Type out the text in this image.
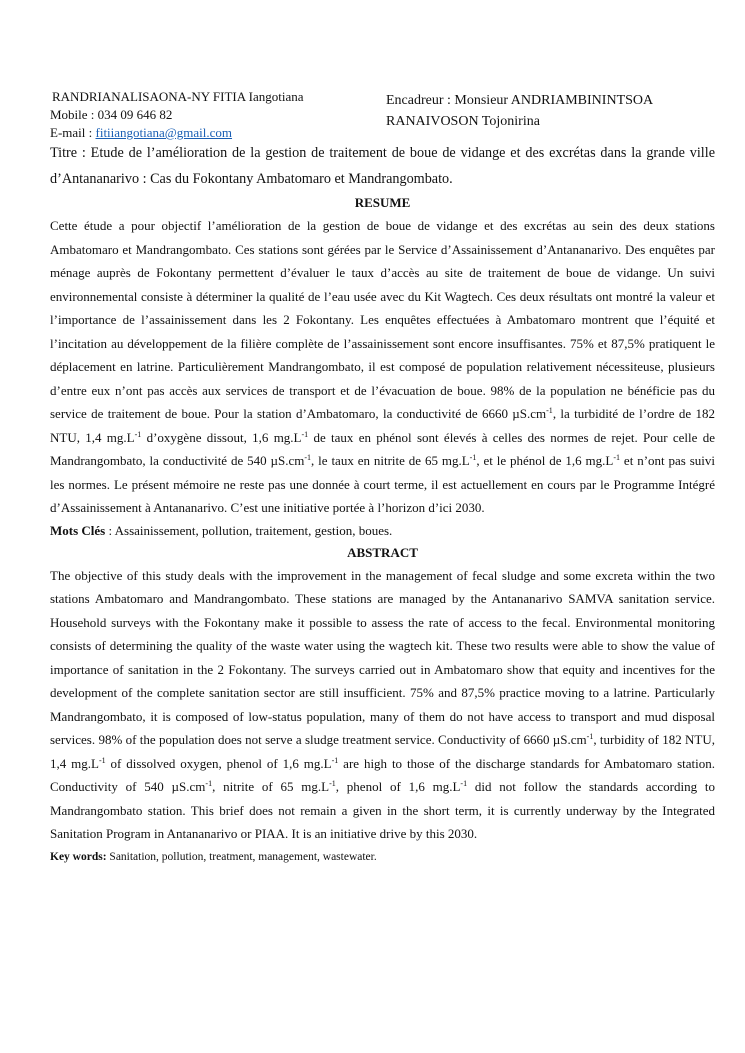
RANDRIANALISAONA-NY FITIA Iangotiana
Mobile : 034 09 646 82
E-mail : fitiiangotiana@gmail.com
Encadreur : Monsieur ANDRIAMBININTSOA
RANAIVOSON Tojonirina
Titre : Etude de l’amélioration de la gestion de traitement de boue de vidange et des excrétas dans la grande ville d’Antananarivo : Cas du Fokontany Ambatomaro et Mandrangombato.
RESUME
Cette étude a pour objectif l’amélioration de la gestion de boue de vidange et des excrétas au sein des deux stations Ambatomaro et Mandrangombato. Ces stations sont gérées par le Service d’Assainissement d’Antananarivo. Des enquêtes par ménage auprès de Fokontany permettent d’évaluer le taux d’accès au site de traitement de boue de vidange. Un suivi environnemental consiste à déterminer la qualité de l’eau usée avec du Kit Wagtech. Ces deux résultats ont montré la valeur et l’importance de l’assainissement dans les 2 Fokontany. Les enquêtes effectuées à Ambatomaro montrent que l’équité et l’incitation au développement de la filière complète de l’assainissement sont encore insuffisantes. 75% et 87,5% pratiquent le déplacement en latrine. Particulièrement Mandrangombato, il est composé de population relativement nécessiteuse, plusieurs d’entre eux n’ont pas accès aux services de transport et de l’évacuation de boue. 98% de la population ne bénéficie pas du service de traitement de boue. Pour la station d’Ambatomaro, la conductivité de 6660 $\mu S.cm^{-1}$, la turbidité de l’ordre de 182 NTU, 1,4 $mg.L^{-1}$ d’oxygène dissout, 1,6 $mg.L^{-1}$ de taux en phénol sont élevés à celles des normes de rejet. Pour celle de Mandrangombato, la conductivité de 540 $\mu S.cm^{-1}$, le taux en nitrite de 65 $mg.L^{-1}$, et le phénol de 1,6 $mg.L^{-1}$ et n’ont pas suivi les normes. Le présent mémoire ne reste pas une donnée à court terme, il est actuellement en cours par le Programme Intégré d’Assainissement à Antananarivo. C’est une initiative portée à l’horizon d’ici 2030.
Mots Clés : Assainissement, pollution, traitement, gestion, boues.
ABSTRACT
The objective of this study deals with the improvement in the management of fecal sludge and some excreta within the two stations Ambatomaro and Mandrangombato. These stations are managed by the Antananarivo SAMVA sanitation service. Household surveys with the Fokontany make it possible to assess the rate of access to the fecal. Environmental monitoring consists of determining the quality of the waste water using the wagtech kit. These two results were able to show the value of importance of sanitation in the 2 Fokontany. The surveys carried out in Ambatomaro show that equity and incentives for the development of the complete sanitation sector are still insufficient. 75% and 87,5% practice moving to a latrine. Particularly Mandrangombato, it is composed of low-status population, many of them do not have access to transport and mud disposal services. 98% of the population does not serve a sludge treatment service. Conductivity of 6660 $\mu S.cm^{-1}$, turbidity of 182 NTU, 1,4 $mg.L^{-1}$ of dissolved oxygen, phenol of 1,6 $mg.L^{-1}$ are high to those of the discharge standards for Ambatomaro station. Conductivity of 540 $\mu S.cm^{-1}$, nitrite of 65 $mg.L^{-1}$, phenol of 1,6 $mg.L^{-1}$ did not follow the standards according to Mandrangombato station. This brief does not remain a given in the short term, it is currently underway by the Integrated Sanitation Program in Antananarivo or PIAA. It is an initiative drive by this 2030.
Key words: Sanitation, pollution, treatment, management, wastewater.
